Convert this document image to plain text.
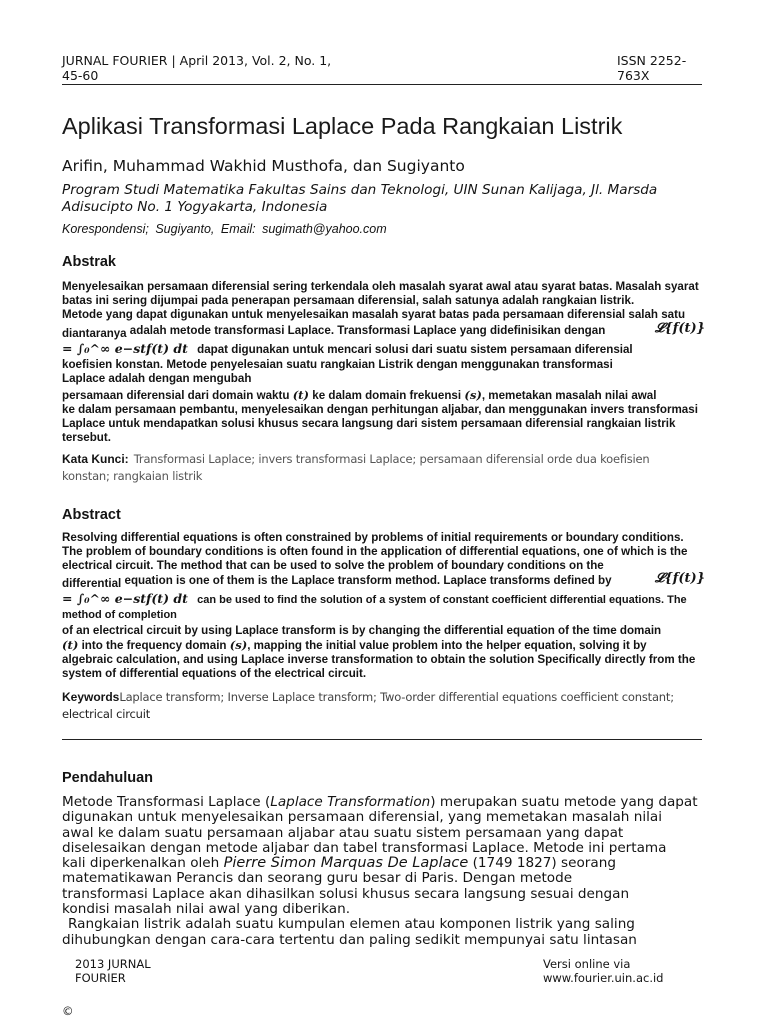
JURNAL FOURIER | April 2013, Vol. 2, No. 1,
45-60
ISSN 2252-
763X
Aplikasi Transformasi Laplace Pada Rangkaian Listrik
Arifin, Muhammad Wakhid Musthofa, dan Sugiyanto
Program Studi Matematika Fakultas Sains dan Teknologi, UIN Sunan Kalijaga, Jl. Marsda Adisucipto No. 1 Yogyakarta, Indonesia
Korespondensi; Sugiyanto, Email: sugimath@yahoo.com
Abstrak
Menyelesaikan persamaan diferensial sering terkendala oleh masalah syarat awal atau syarat batas. Masalah syarat
batas ini sering dijumpai pada penerapan persamaan diferensial, salah satunya adalah rangkaian listrik.
Metode yang dapat digunakan untuk menyelesaikan masalah syarat batas pada persamaan diferensial salah satu
diantaranya adalah metode transformasi Laplace. Transformasi Laplace yang didefinisikan dengan	𝓛{𝒇(𝒕)}
= ∫₀^∞ 𝒆−𝒔𝒕𝒇(𝒕) 𝒅𝒕 dapat digunakan untuk mencari solusi dari suatu sistem persamaan diferensial
koefisien konstan. Metode penyelesaian suatu rangkaian Listrik dengan menggunakan transformasi
Laplace adalah dengan mengubah
persamaan diferensial dari domain waktu (𝒕) ke dalam domain frekuensi (𝒔), memetakan masalah nilai awal
ke dalam persamaan pembantu, menyelesaikan dengan perhitungan aljabar, dan menggunakan invers transformasi
Laplace untuk mendapatkan solusi khusus secara langsung dari sistem persamaan diferensial rangkaian listrik
tersebut.
Kata Kunci: Transformasi Laplace; invers transformasi Laplace; persamaan diferensial orde dua koefisien
konstan; rangkaian listrik
Abstract
Resolving differential equations is often constrained by problems of initial requirements or boundary conditions.
The problem of boundary conditions is often found in the application of differential equations, one of which is the
electrical circuit. The method that can be used to solve the problem of boundary conditions on the
differential equation is one of them is the Laplace transform method. Laplace transforms defined by	𝓛{𝒇(𝒕)}
= ∫₀^∞ 𝒆−𝒔𝒕𝒇(𝒕) 𝒅𝒕 can be used to find the solution of a system of constant coefficient differential equations. The
method of completion
of an electrical circuit by using Laplace transform is by changing the differential equation of the time domain
(𝒕) into the frequency domain (𝒔), mapping the initial value problem into the helper equation, solving it by
algebraic calculation, and using Laplace inverse transformation to obtain the solution Specifically directly from the
system of differential equations of the electrical circuit.
KeywordsLaplace transform; Inverse Laplace transform; Two-order differential equations coefficient constant;
electrical circuit
Pendahuluan
Metode Transformasi Laplace (Laplace Transformation) merupakan suatu metode yang dapat
digunakan untuk menyelesaikan persamaan diferensial, yang memetakan masalah nilai
awal ke dalam suatu persamaan aljabar atau suatu sistem persamaan yang dapat
diselesaikan dengan metode aljabar dan tabel transformasi Laplace. Metode ini pertama
kali diperkenalkan oleh Pierre Simon Marquas De Laplace (1749 1827) seorang
matematikawan Perancis dan seorang guru besar di Paris. Dengan metode
transformasi Laplace akan dihasilkan solusi khusus secara langsung sesuai dengan
kondisi masalah nilai awal yang diberikan.
Rangkaian listrik adalah suatu kumpulan elemen atau komponen listrik yang saling
dihubungkan dengan cara-cara tertentu dan paling sedikit mempunyai satu lintasan
2013 JURNAL
FOURIER
Versi online via
www.fourier.uin.ac.id
©
